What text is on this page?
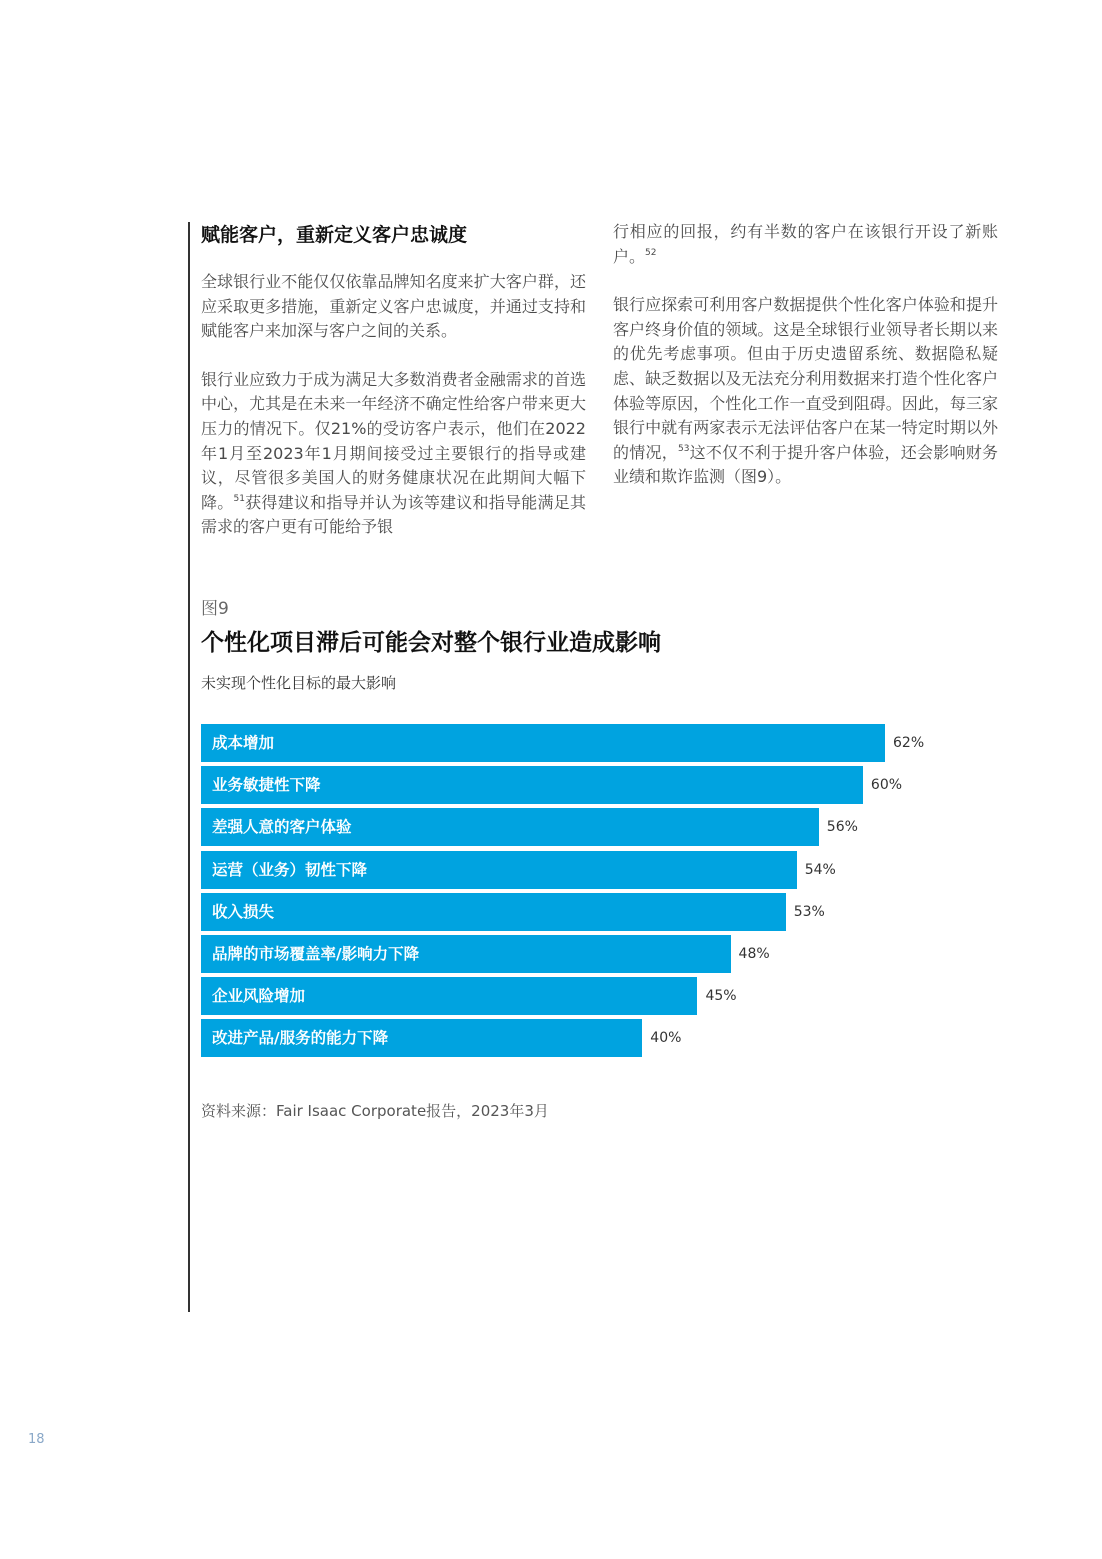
赋能客户，重新定义客户忠诚度

全球银行业不能仅仅依靠品牌知名度来扩大客户群，还应采取更多措施，重新定义客户忠诚度，并通过支持和赋能客户来加深与客户之间的关系。

银行业应致力于成为满足大多数消费者金融需求的首选中心，尤其是在未来一年经济不确定性给客户带来更大压力的情况下。仅21%的受访客户表示，他们在2022年1月至2023年1月期间接受过主要银行的指导或建议，尽管很多美国人的财务健康状况在此期间大幅下降。$^{51}$获得建议和指导并认为该等建议和指导能满足其需求的客户更有可能给予银

行相应的回报，约有半数的客户在该银行开设了新账户。$^{52}$

银行应探索可利用客户数据提供个性化客户体验和提升客户终身价值的领域。这是全球银行业领导者长期以来的优先考虑事项。但由于历史遗留系统、数据隐私疑虑、缺乏数据以及无法充分利用数据来打造个性化客户体验等原因，个性化工作一直受到阻碍。因此，每三家银行中就有两家表示无法评估客户在某一特定时期以外的情况，$^{53}$这不仅不利于提升客户体验，还会影响财务业绩和欺诈监测（图9）。

图9
个性化项目滞后可能会对整个银行业造成影响
未实现个性化目标的最大影响
成本增加	62%
业务敏捷性下降	60%
差强人意的客户体验	56%
运营（业务）韧性下降	54%
收入损失	53%
品牌的市场覆盖率/影响力下降	48%
企业风险增加	45%
改进产品/服务的能力下降	40%
资料来源：Fair Isaac Corporate报告，2023年3月
18
